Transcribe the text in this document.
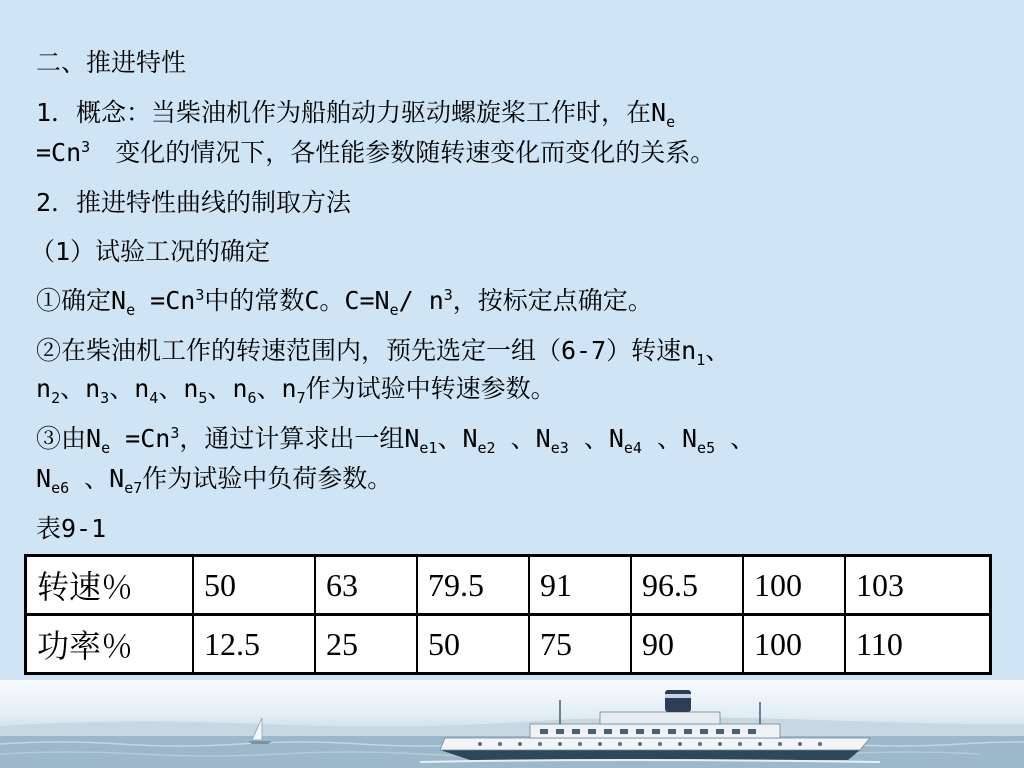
二、推进特性
1．概念：当柴油机作为船舶动力驱动螺旋桨工作时，在$N_e$
$=Cn^3$　变化的情况下，各性能参数随转速变化而变化的关系。
2．推进特性曲线的制取方法
（1）试验工况的确定
①确定$N_e =Cn^3$中的常数C。$C=N_e/$ $n^3$，按标定点确定。
②在柴油机工作的转速范围内，预先选定一组（6-7）转速$n_1$、
$n_2$、$n_3$、$n_4$、$n_5$、$n_6$、$n_7$作为试验中转速参数。
③由$N_e =Cn^3$，通过计算求出一组$N_{e1}$、$N_{e2}$ 、$N_{e3}$ 、$N_{e4}$ 、$N_{e5}$ 、
$N_{e6}$ 、$N_{e7}$作为试验中负荷参数。
表9-1
转速％	50	63	79.5	91	96.5	100	103
功率％	12.5	25	50	75	90	100	110
